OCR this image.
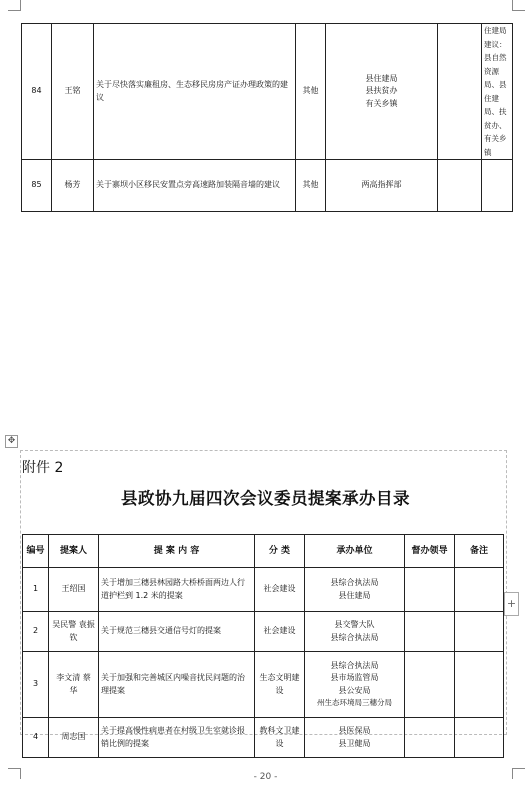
84	王铭	关于尽快落实廉租房、生态移民房房产证办理政策的建议	其他	县住建局
县扶贫办
有关乡镇		住建局建议：县自然资源局、县住建局、扶贫办、有关乡镇
85	杨芳	关于寨坝小区移民安置点旁高速路加装隔音墙的建议	其他	两高指挥部		

✥
+
附件 2
县政协九届四次会议委员提案承办目录
编号	提案人	提 案 内 容	分 类	承办单位	督办领导	备注
1	王绍国	关于增加三穗县林园路大桥桥面两边人行道护栏到 1.2 米的提案	社会建设	县综合执法局
县住建局		

2	吴民警 袁振钦	关于规范三穗县交通信号灯的提案	社会建设	县交警大队
县综合执法局		

3	李文清 蔡 华	关于加强和完善城区内噪音扰民问题的治理提案	生态文明建设	县综合执法局
县市场监管局
县公安局
州生态环境局三穗分局		

4	周志国	关于提高慢性病患者在村级卫生室就诊报销比例的提案	教科文卫建设	县医保局
县卫健局		

- 20 -
